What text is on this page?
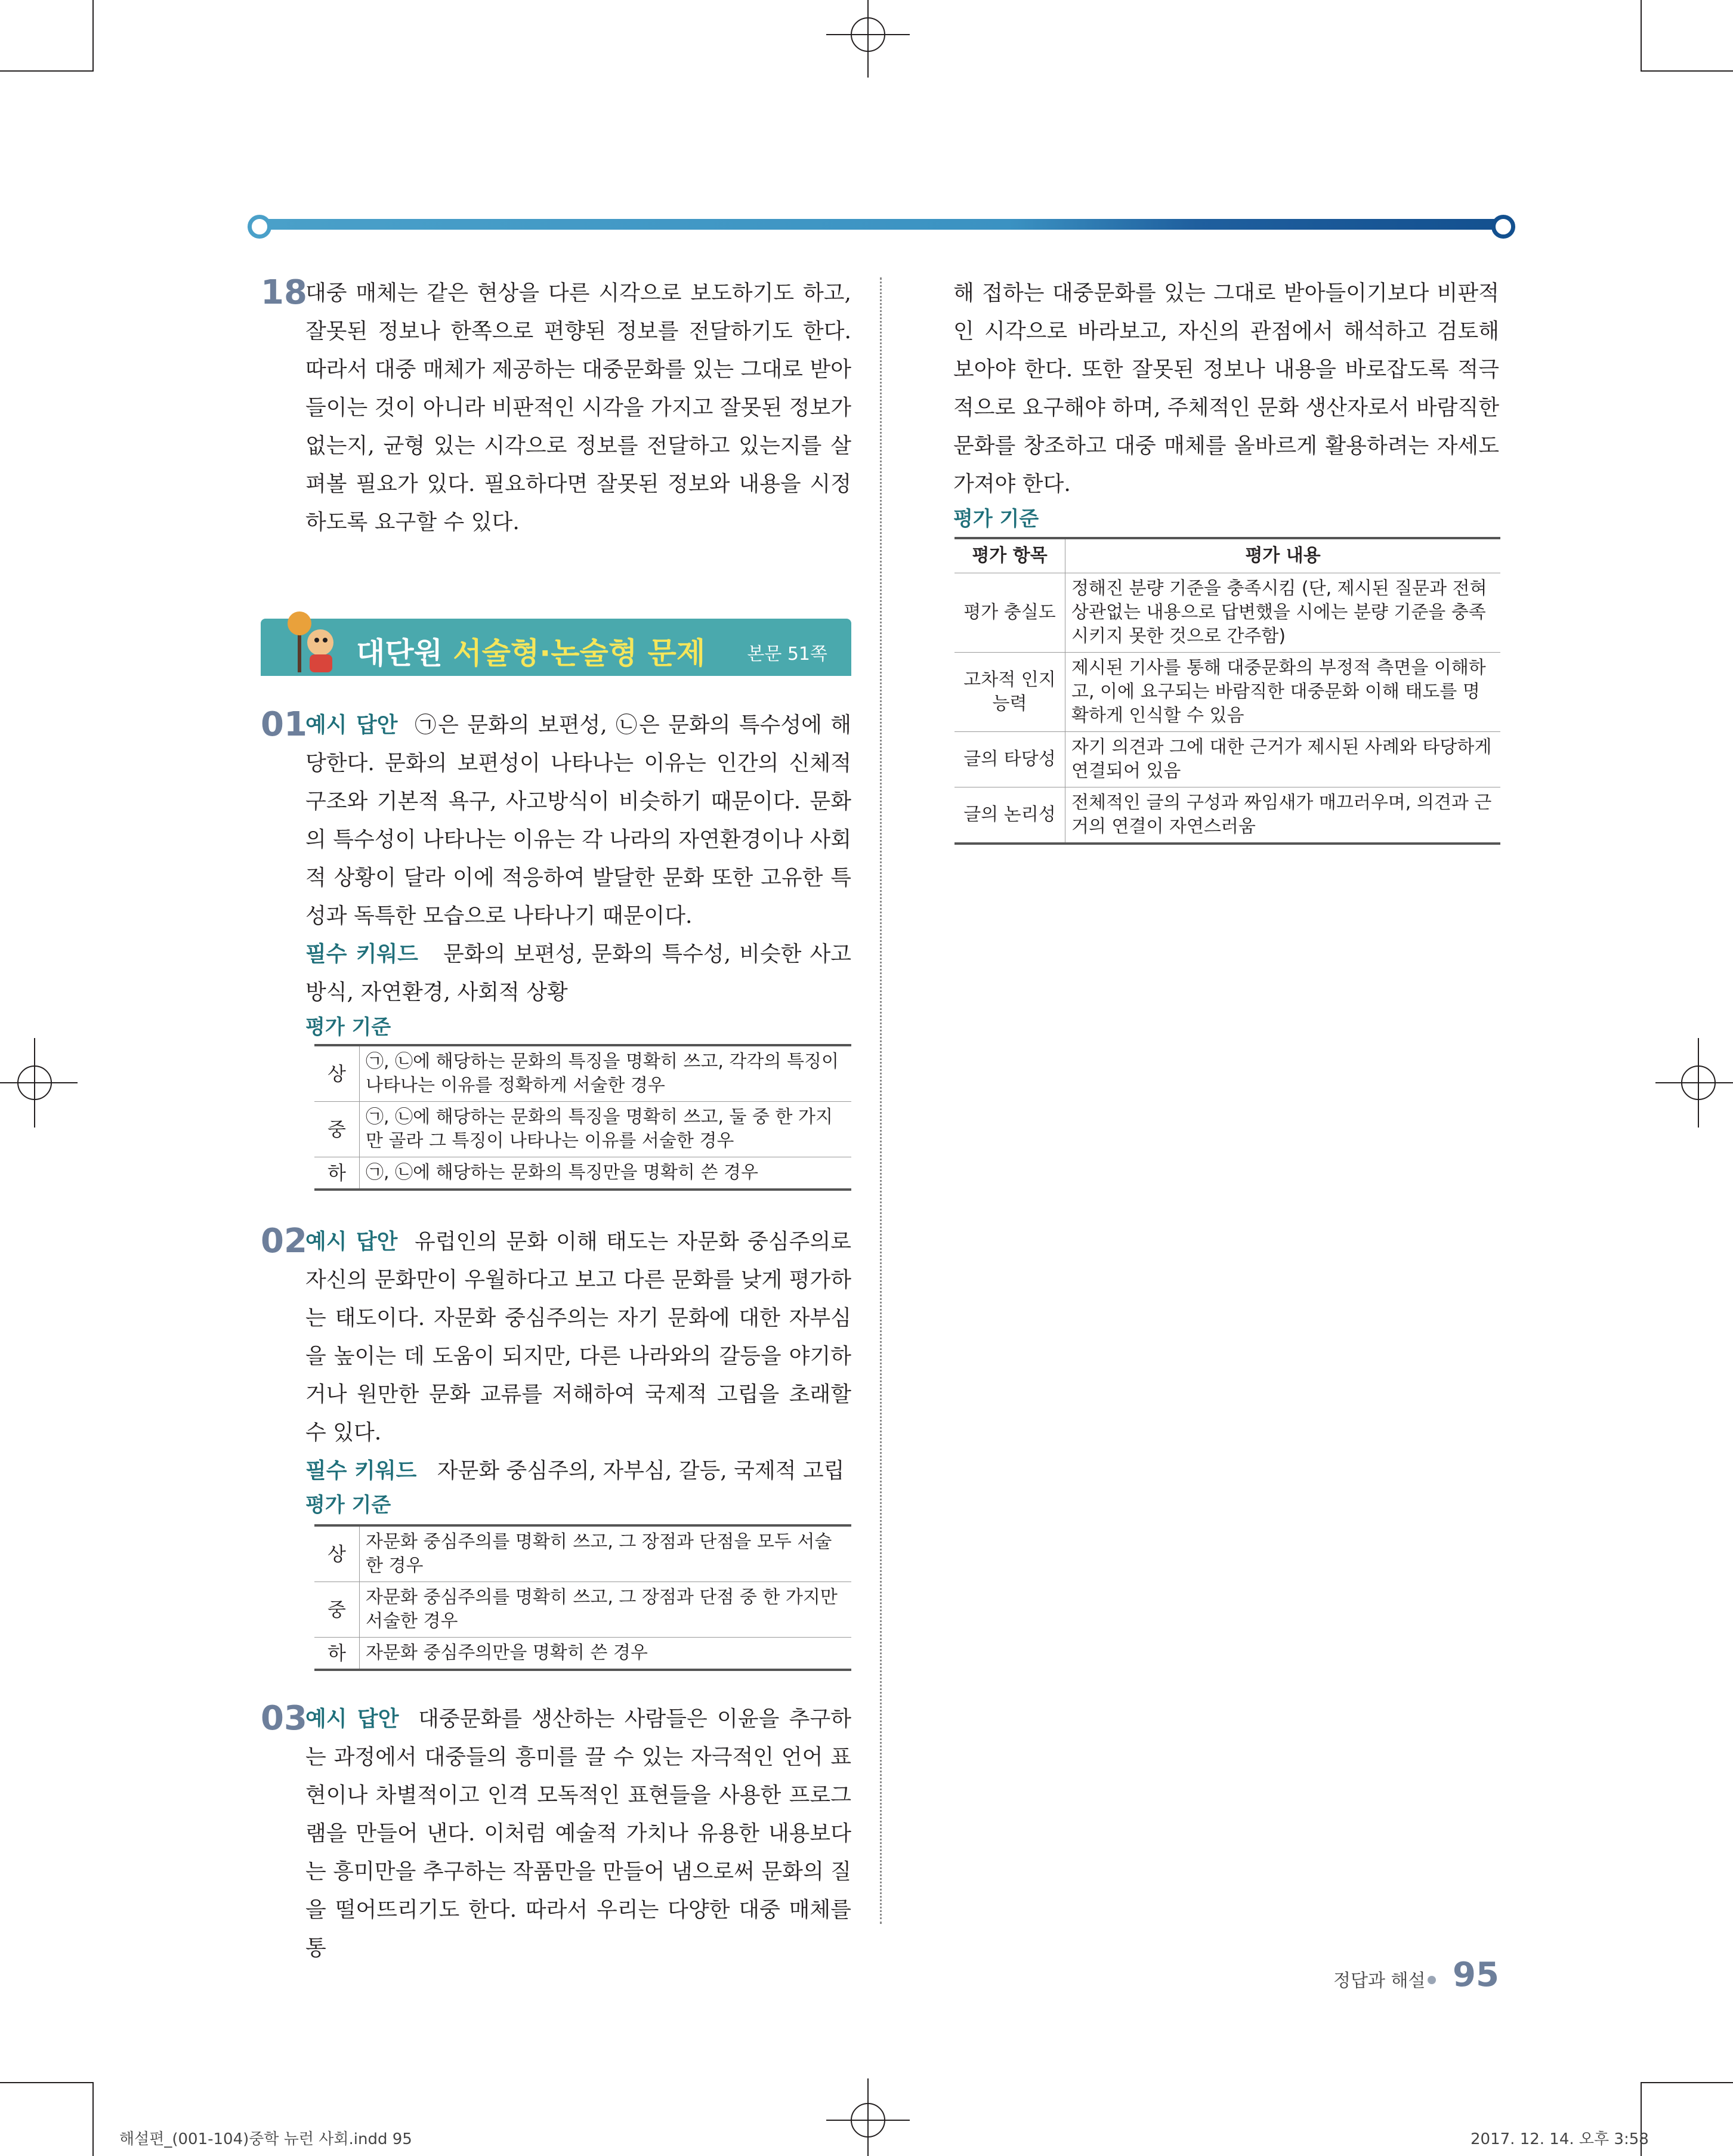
18
대중 매체는 같은 현상을 다른 시각으로 보도하기도 하고, 잘못된 정보나 한쪽으로 편향된 정보를 전달하기도 한다. 따라서 대중 매체가 제공하는 대중문화를 있는 그대로 받아들이는 것이 아니라 비판적인 시각을 가지고 잘못된 정보가 없는지, 균형 있는 시각으로 정보를 전달하고 있는지를 살펴볼 필요가 있다. 필요하다면 잘못된 정보와 내용을 시정하도록 요구할 수 있다.
대단원 서술형·논술형 문제 본문 51쪽
01
예시 답안 ㉠은 문화의 보편성, ㉡은 문화의 특수성에 해당한다. 문화의 보편성이 나타나는 이유는 인간의 신체적 구조와 기본적 욕구, 사고방식이 비슷하기 때문이다. 문화의 특수성이 나타나는 이유는 각 나라의 자연환경이나 사회적 상황이 달라 이에 적응하여 발달한 문화 또한 고유한 특성과 독특한 모습으로 나타나기 때문이다.
필수 키워드 문화의 보편성, 문화의 특수성, 비슷한 사고방식, 자연환경, 사회적 상황
평가 기준
상	㉠, ㉡에 해당하는 문화의 특징을 명확히 쓰고, 각각의 특징이 나타나는 이유를 정확하게 서술한 경우
중	㉠, ㉡에 해당하는 문화의 특징을 명확히 쓰고, 둘 중 한 가지만 골라 그 특징이 나타나는 이유를 서술한 경우
하	㉠, ㉡에 해당하는 문화의 특징만을 명확히 쓴 경우
02
예시 답안 유럽인의 문화 이해 태도는 자문화 중심주의로 자신의 문화만이 우월하다고 보고 다른 문화를 낮게 평가하는 태도이다. 자문화 중심주의는 자기 문화에 대한 자부심을 높이는 데 도움이 되지만, 다른 나라와의 갈등을 야기하거나 원만한 문화 교류를 저해하여 국제적 고립을 초래할 수 있다.
필수 키워드 자문화 중심주의, 자부심, 갈등, 국제적 고립
평가 기준
상	자문화 중심주의를 명확히 쓰고, 그 장점과 단점을 모두 서술한 경우
중	자문화 중심주의를 명확히 쓰고, 그 장점과 단점 중 한 가지만 서술한 경우
하	자문화 중심주의만을 명확히 쓴 경우
03
예시 답안 대중문화를 생산하는 사람들은 이윤을 추구하는 과정에서 대중들의 흥미를 끌 수 있는 자극적인 언어 표현이나 차별적이고 인격 모독적인 표현들을 사용한 프로그램을 만들어 낸다. 이처럼 예술적 가치나 유용한 내용보다는 흥미만을 추구하는 작품만을 만들어 냄으로써 문화의 질을 떨어뜨리기도 한다. 따라서 우리는 다양한 대중 매체를 통
해 접하는 대중문화를 있는 그대로 받아들이기보다 비판적인 시각으로 바라보고, 자신의 관점에서 해석하고 검토해 보아야 한다. 또한 잘못된 정보나 내용을 바로잡도록 적극적으로 요구해야 하며, 주체적인 문화 생산자로서 바람직한 문화를 창조하고 대중 매체를 올바르게 활용하려는 자세도 가져야 한다.
평가 기준
평가 항목	평가 내용
평가 충실도	정해진 분량 기준을 충족시킴 (단, 제시된 질문과 전혀 상관없는 내용으로 답변했을 시에는 분량 기준을 충족시키지 못한 것으로 간주함)
고차적 인지 능력	제시된 기사를 통해 대중문화의 부정적 측면을 이해하고, 이에 요구되는 바람직한 대중문화 이해 태도를 명확하게 인식할 수 있음
글의 타당성	자기 의견과 그에 대한 근거가 제시된 사례와 타당하게 연결되어 있음
글의 논리성	전체적인 글의 구성과 짜임새가 매끄러우며, 의견과 근거의 연결이 자연스러움
정답과 해설 95
해설편_(001-104)중학 뉴런 사회.indd 95	2017. 12. 14. 오후 3:58
